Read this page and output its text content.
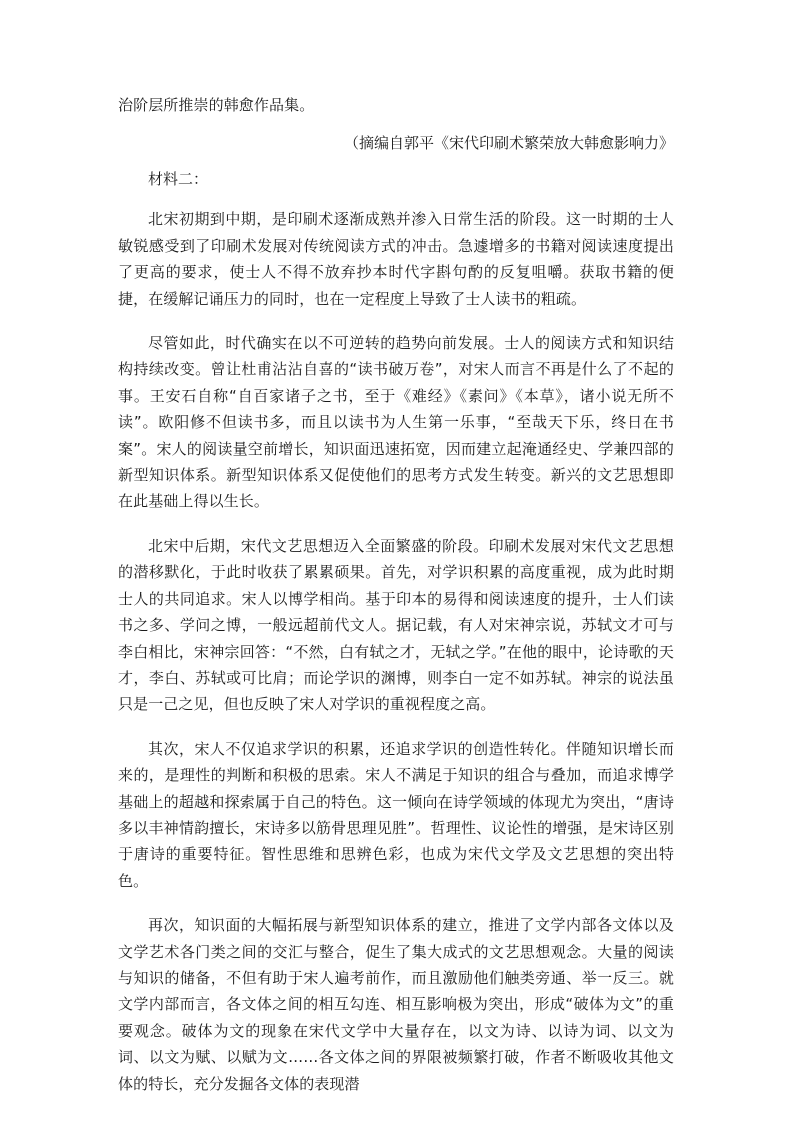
治阶层所推崇的韩愈作品集。

（摘编自郭平《宋代印刷术繁荣放大韩愈影响力》

材料二：

北宋初期到中期，是印刷术逐渐成熟并渗入日常生活的阶段。这一时期的士人敏锐感受到了印刷术发展对传统阅读方式的冲击。急遽增多的书籍对阅读速度提出了更高的要求，使士人不得不放弃抄本时代字斟句酌的反复咀嚼。获取书籍的便捷，在缓解记诵压力的同时，也在一定程度上导致了士人读书的粗疏。

尽管如此，时代确实在以不可逆转的趋势向前发展。士人的阅读方式和知识结构持续改变。曾让杜甫沾沾自喜的“读书破万卷”，对宋人而言不再是什么了不起的事。王安石自称“自百家诸子之书，至于《难经》《素问》《本草》，诸小说无所不读”。欧阳修不但读书多，而且以读书为人生第一乐事，“至哉天下乐，终日在书案”。宋人的阅读量空前增长，知识面迅速拓宽，因而建立起淹通经史、学兼四部的新型知识体系。新型知识体系又促使他们的思考方式发生转变。新兴的文艺思想即在此基础上得以生长。

北宋中后期，宋代文艺思想迈入全面繁盛的阶段。印刷术发展对宋代文艺思想的潜移默化，于此时收获了累累硕果。首先，对学识积累的高度重视，成为此时期士人的共同追求。宋人以博学相尚。基于印本的易得和阅读速度的提升，士人们读书之多、学问之博，一般远超前代文人。据记载，有人对宋神宗说，苏轼文才可与李白相比，宋神宗回答：“不然，白有轼之才，无轼之学。”在他的眼中，论诗歌的天才，李白、苏轼或可比肩；而论学识的渊博，则李白一定不如苏轼。神宗的说法虽只是一己之见，但也反映了宋人对学识的重视程度之高。

其次，宋人不仅追求学识的积累，还追求学识的创造性转化。伴随知识增长而来的，是理性的判断和积极的思索。宋人不满足于知识的组合与叠加，而追求博学基础上的超越和探索属于自己的特色。这一倾向在诗学领域的体现尤为突出，“唐诗多以丰神情韵擅长，宋诗多以筋骨思理见胜”。哲理性、议论性的增强，是宋诗区别于唐诗的重要特征。智性思维和思辨色彩，也成为宋代文学及文艺思想的突出特色。

再次，知识面的大幅拓展与新型知识体系的建立，推进了文学内部各文体以及文学艺术各门类之间的交汇与整合，促生了集大成式的文艺思想观念。大量的阅读与知识的储备，不但有助于宋人遍考前作，而且激励他们触类旁通、举一反三。就文学内部而言，各文体之间的相互勾连、相互影响极为突出，形成“破体为文”的重要观念。破体为文的现象在宋代文学中大量存在，以文为诗、以诗为词、以文为词、以文为赋、以赋为文……各文体之间的界限被频繁打破，作者不断吸收其他文体的特长，充分发掘各文体的表现潜
